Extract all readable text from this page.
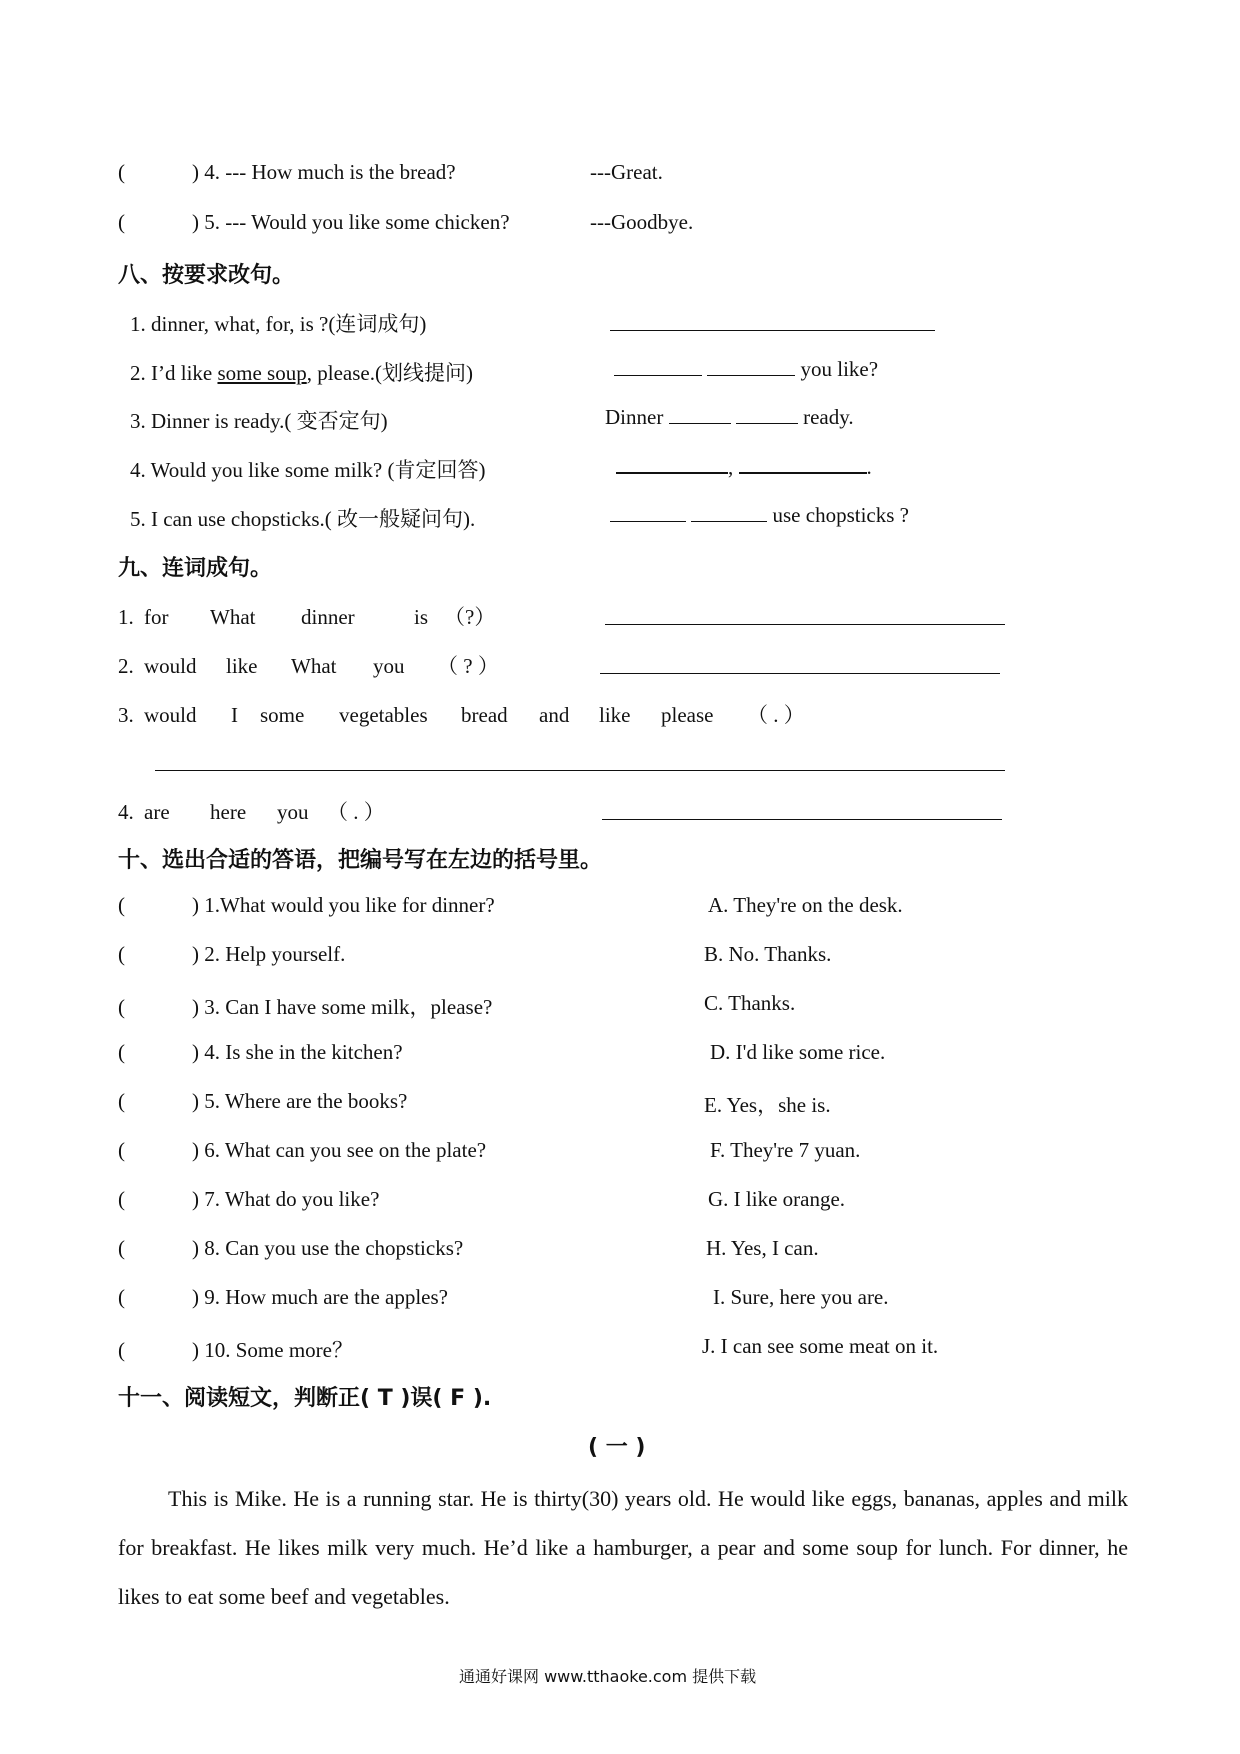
(	) 4. --- How much is the bread?	---Great.
(	) 5. --- Would you like some chicken?	---Goodbye.
八、按要求改句。
1. dinner, what, for, is ?(连词成句)
2. I’d like some soup, please.(划线提问)	you like?
3. Dinner is ready.( 变否定句)	Dinner	ready.
4. Would you like some milk? (肯定回答)	,	.
5. I can use chopsticks.( 改一般疑问句).	use chopsticks ?
九、连词成句。
1. for What dinner	is （?）
2. would like What you （ ? ）
3. would I some vegetables bread and like please （ . ）
4. are here you （ . ）
十、选出合适的答语，把编号写在左边的括号里。
(	) 1.What would you like for dinner?	A. They're on the desk.
(	) 2. Help yourself.	B. No. Thanks.
(	) 3. Can I have some milk，please?	C. Thanks.
(	) 4. Is she in the kitchen?	D. I'd like some rice.
(	) 5. Where are the books?	E. Yes，she is.
(	) 6. What can you see on the plate?	F. They're 7 yuan.
(	) 7. What do you like?	G. I like orange.
(	) 8. Can you use the chopsticks?	H. Yes, I can.
(	) 9. How much are the apples?	I. Sure, here you are.
(	) 10. Some more？	J. I can see some meat on it.
十一、阅读短文，判断正( T )误( F ).
( 一 )
This is Mike. He is a running star. He is thirty(30) years old. He would like eggs, bananas, apples and milk for breakfast. He likes milk very much. He’d like a hamburger, a pear and some soup for lunch. For dinner, he likes to eat some beef and vegetables.
通通好课网 www.tthaoke.com 提供下载
